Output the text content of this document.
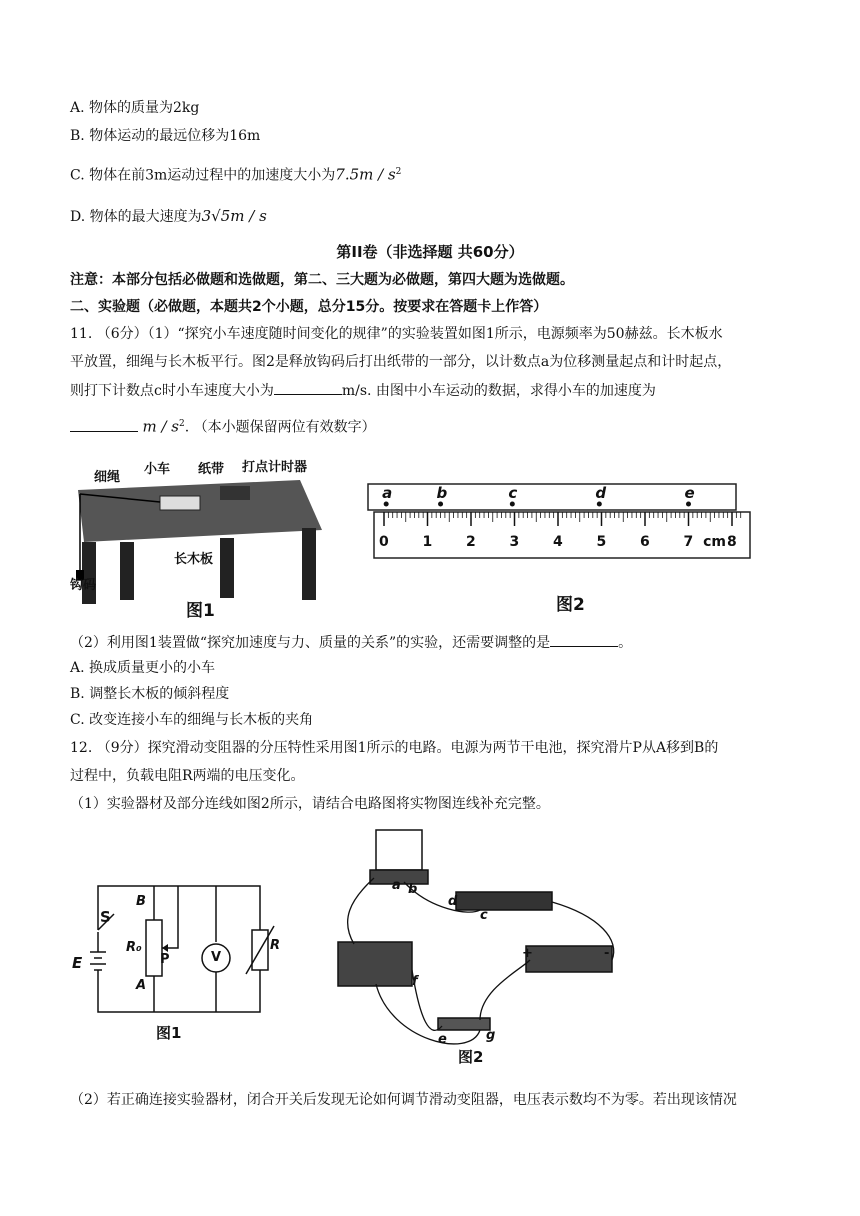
A. 物体的质量为2kg
B. 物体运动的最远位移为16m
C. 物体在前3m运动过程中的加速度大小为$7.5m / s^2$
D. 物体的最大速度为3√5m / s
第II卷（非选择题 共60分）
注意：本部分包括必做题和选做题，第二、三大题为必做题，第四大题为选做题。
二、实验题（必做题，本题共2个小题，总分15分。按要求在答题卡上作答）
11. （6分）（1）“探究小车速度随时间变化的规律”的实验装置如图1所示，电源频率为50赫兹。长木板水
平放置，细绳与长木板平行。图2是释放钩码后打出纸带的一部分，以计数点a为位移测量起点和计时起点，
则打下计数点c时小车速度大小为	m/s. 由图中小车运动的数据，求得小车的加速度为
m / $s^2$. （本小题保留两位有效数字）
细绳
小车 纸带 打点计时器
长木板
钩码
图1
0 1 2 3 4 5 6 7 cm 8
a	b	c	d	e
图2
（2）利用图1装置做“探究加速度与力、质量的关系”的实验，还需要调整的是	。
A. 换成质量更小的小车
B. 调整长木板的倾斜程度
C. 改变连接小车的细绳与长木板的夹角
12. （9分）探究滑动变阻器的分压特性采用图1所示的电路。电源为两节干电池，探究滑片P从A移到B的
过程中，负载电阻R两端的电压变化。
（1）实验器材及部分连线如图2所示，请结合电路图将实物图连线补充完整。
S
E
B
R₀
P
A
V
R
图1
a b
c
d
e
f
g
+	-
图2
（2）若正确连接实验器材，闭合开关后发现无论如何调节滑动变阻器，电压表示数均不为零。若出现该情况
